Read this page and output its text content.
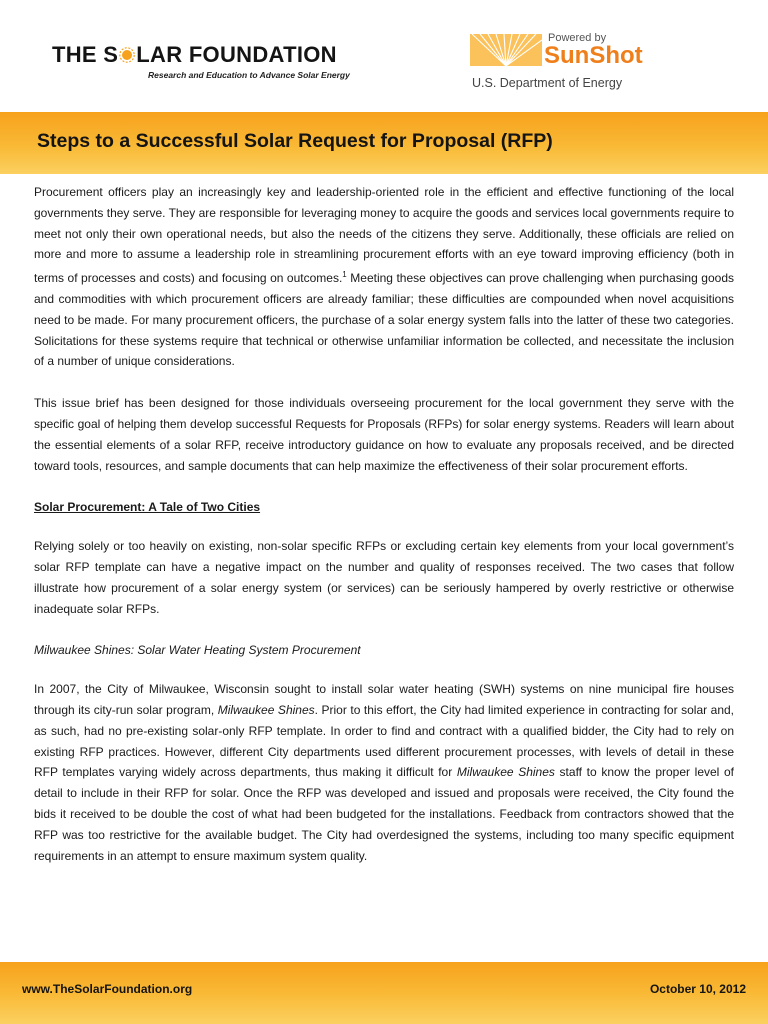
THE S LAR FOUNDATION
Research and Education to Advance Solar Energy
Powered by
SunShot
U.S. Department of Energy
Steps to a Successful Solar Request for Proposal (RFP)

Procurement officers play an increasingly key and leadership-oriented role in the efficient and effective functioning of the local governments they serve. They are responsible for leveraging money to acquire the goods and services local governments require to meet not only their own operational needs, but also the needs of the citizens they serve. Additionally, these officials are relied on more and more to assume a leadership role in streamlining procurement efforts with an eye toward improving efficiency (both in terms of processes and costs) and focusing on outcomes.$^1$ Meeting these objectives can prove challenging when purchasing goods and commodities with which procurement officers are already familiar; these difficulties are compounded when novel acquisitions need to be made. For many procurement officers, the purchase of a solar energy system falls into the latter of these two categories. Solicitations for these systems require that technical or otherwise unfamiliar information be collected, and necessitate the inclusion of a number of unique considerations.

This issue brief has been designed for those individuals overseeing procurement for the local government they serve with the specific goal of helping them develop successful Requests for Proposals (RFPs) for solar energy systems. Readers will learn about the essential elements of a solar RFP, receive introductory guidance on how to evaluate any proposals received, and be directed toward tools, resources, and sample documents that can help maximize the effectiveness of their solar procurement efforts.

Solar Procurement: A Tale of Two Cities

Relying solely or too heavily on existing, non-solar specific RFPs or excluding certain key elements from your local government’s solar RFP template can have a negative impact on the number and quality of responses received. The two cases that follow illustrate how procurement of a solar energy system (or services) can be seriously hampered by overly restrictive or otherwise inadequate solar RFPs.

Milwaukee Shines: Solar Water Heating System Procurement

In 2007, the City of Milwaukee, Wisconsin sought to install solar water heating (SWH) systems on nine municipal fire houses through its city-run solar program, Milwaukee Shines. Prior to this effort, the City had limited experience in contracting for solar and, as such, had no pre-existing solar-only RFP template. In order to find and contract with a qualified bidder, the City had to rely on existing RFP practices. However, different City departments used different procurement processes, with levels of detail in these RFP templates varying widely across departments, thus making it difficult for Milwaukee Shines staff to know the proper level of detail to include in their RFP for solar. Once the RFP was developed and issued and proposals were received, the City found the bids it received to be double the cost of what had been budgeted for the installations. Feedback from contractors showed that the RFP was too restrictive for the available budget. The City had overdesigned the systems, including too many specific equipment requirements in an attempt to ensure maximum system quality.

www.TheSolarFoundation.org	October 10, 2012
